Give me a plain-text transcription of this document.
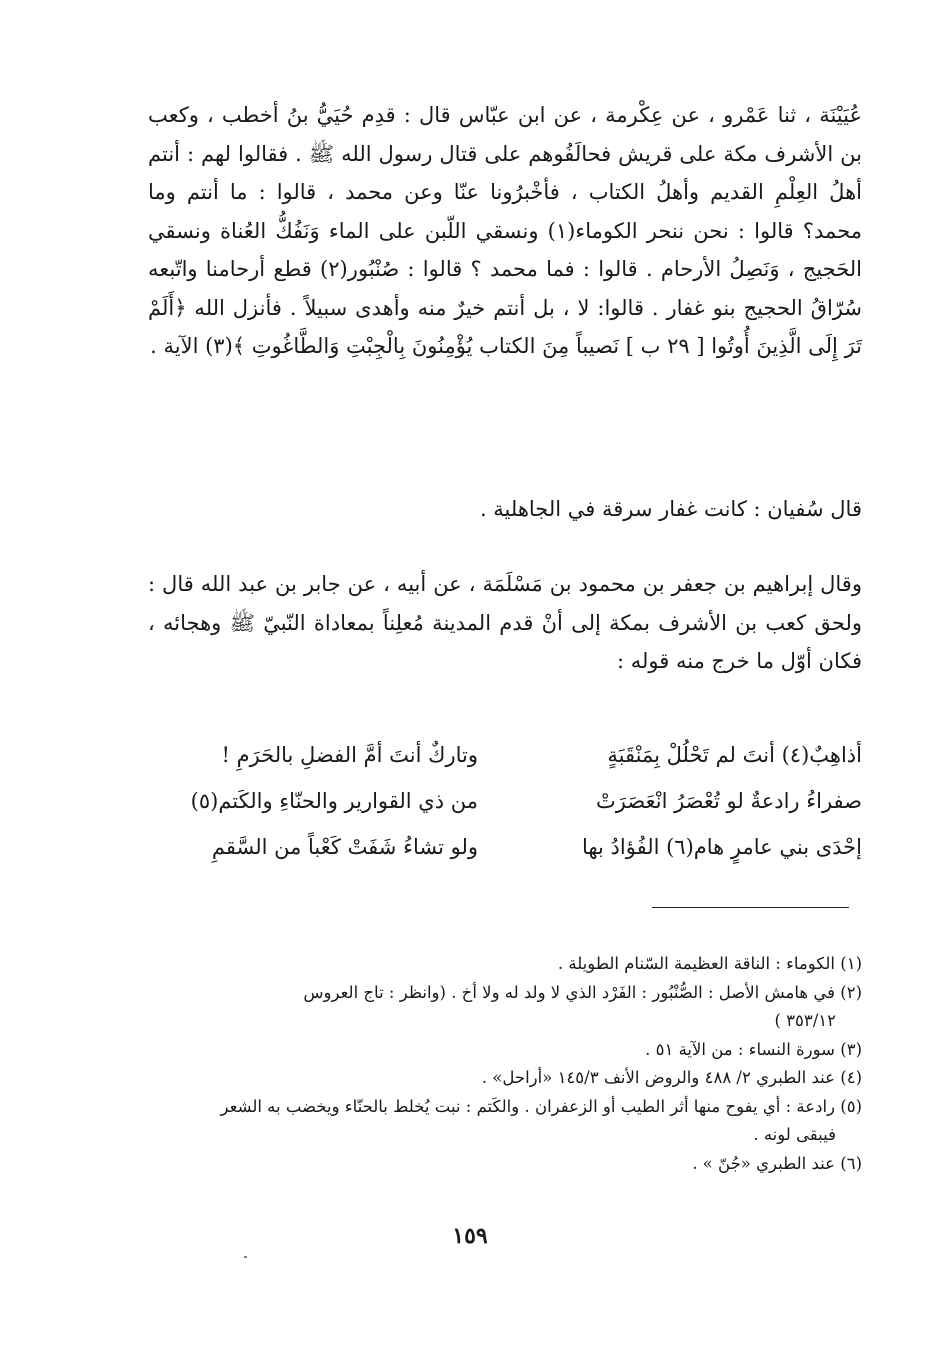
عُيَيْنَة ، ثنا عَمْرو ، عن عِكْرمة ، عن ابن عبّاس قال : قدِم حُيَيُّ بنُ أخطب ، وكعب بن الأشرف مكة على قريش فحالَفُوهم على قتال رسول الله ﷺ . فقالوا لهم : أنتم أهلُ العِلْمِ القديم وأهلُ الكتاب ، فأخْبرُونا عنّا وعن محمد ، قالوا : ما أنتم وما محمد؟ قالوا : نحن ننحر الكوماء(١) ونسقي اللّبن على الماء وَنَفُكُّ العُناة ونسقي الحَجيج ، وَنَصِلُ الأرحام . قالوا : فما محمد ؟ قالوا : صُنْبُور(٢) قطع أرحامنا واتّبعه سُرّاقُ الحجيج بنو غفار . قالوا: لا ، بل أنتم خيرٌ منه وأهدى سبيلاً . فأنزل الله ﴿أَلَمْ تَرَ إِلَى الَّذِينَ أُوتُوا [ ٢٩ ب ] نَصيباً مِنَ الكتاب يُؤْمِنُونَ بِالْجِبْتِ وَالطَّاغُوتِ ﴾(٣) الآية .

قال سُفيان : كانت غفار سرقة في الجاهلية .

وقال إبراهيم بن جعفر بن محمود بن مَسْلَمَة ، عن أبيه ، عن جابر بن عبد الله قال : ولحق كعب بن الأشرف بمكة إلى أنْ قدم المدينة مُعلِناً بمعاداة النّبيّ ﷺ وهجائه ، فكان أوّل ما خرج منه قوله :

أذاهِبٌ(٤) أنتَ لم تَحْلُلْ بِمَنْقَبَةٍ
وتاركٌ أنتَ أمَّ الفضلِ بالحَرَمِ !
صفراءُ رادعةٌ لو تُعْصَرُ انْعَصَرَتْ
من ذي القوارير والحنّاءِ والكَتم(٥)
إحْدَى بني عامرٍ هام(٦) الفُؤادُ بها
ولو تشاءُ شَفَتْ كَعْباً من السَّقمِ

(١) الكوماء : الناقة العظيمة السّنام الطويلة .

(٢) في هامش الأصل : الصُّنْبُور : الفَرْد الذي لا ولد له ولا أخ . (وانظر : تاج العروس

٣٥٣/١٢ )

(٣) سورة النساء : من الآية ٥١ .

(٤) عند الطبري ٢/ ٤٨٨ والروض الأنف ١٤٥/٣ «أراحل» .

(٥) رادعة : أي يفوح منها أثر الطيب أو الزعفران . والكَتم : نبت يُخلط بالحنّاء ويخضب به الشعر

فيبقى لونه .

(٦) عند الطبري «جُنّ » .

١٥٩
